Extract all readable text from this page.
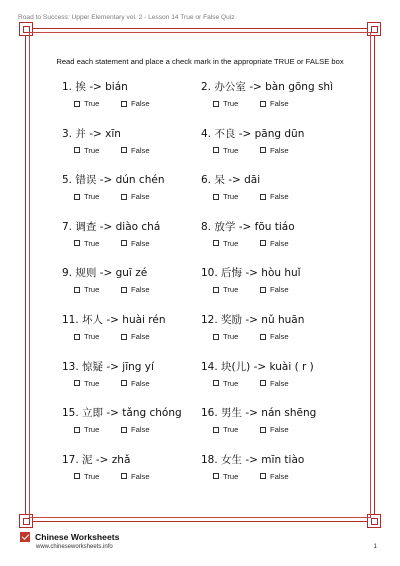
Road to Success: Upper Elementary vol. 2 - Lesson 14 True or False Quiz
Read each statement and place a check mark in the appropriate TRUE or FALSE box
1. 挨 -> bián
True	False
2. 办公室 -> bàn gōng shì
True	False
3. 并 -> xīn
True	False
4. 不良 -> pāng dūn
True	False
5. 错误 -> dún chén
True	False
6. 呆 -> dāi
True	False
7. 调查 -> diào chá
True	False
8. 放学 -> fōu tiáo
True	False
9. 规则 -> guī zé
True	False
10. 后悔 -> hòu huǐ
True	False
11. 坏人 -> huài rén
True	False
12. 奖励 -> nǔ huān
True	False
13. 惊疑 -> jīng yí
True	False
14. 块(儿) -> kuài ( r )
True	False
15. 立即 -> tǎng chóng
True	False
16. 男生 -> nán shēng
True	False
17. 泥 -> zhǎ
True	False
18. 女生 -> mīn tiào
True	False
Chinese Worksheets
www.chineseworksheets.info	1
